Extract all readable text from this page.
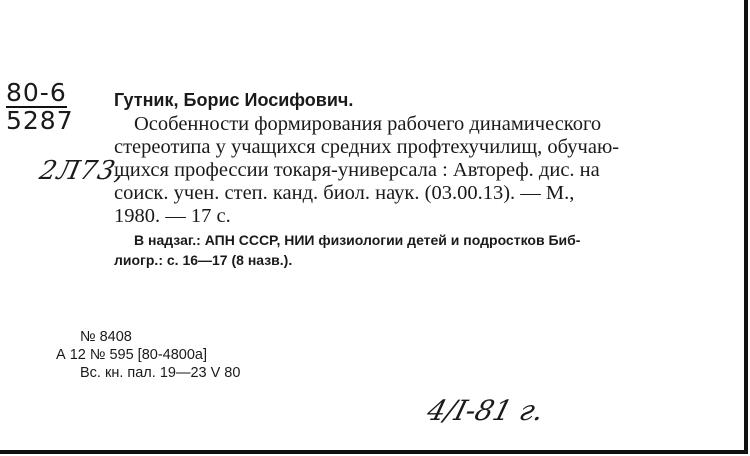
80-6
5287
2Л73,

Гутник, Борис Иосифович.

Особенности формирования рабочего динамического
стереотипа у учащихся средних профтехучилищ, обучаю-
щихся профессии токаря-универсала : Автореф. дис. на
соиск. учен. степ. канд. биол. наук. (03.00.13). — М.,
1980. — 17 с.
В надзаг.: АПН СССР, НИИ физиологии детей и подростков Биб-
лиогр.: с. 16—17 (8 назв.).
№ 8408
А 12 № 595 [80-4800а]
Вс. кн. пал. 19—23 V 80
4/I-81 г.
